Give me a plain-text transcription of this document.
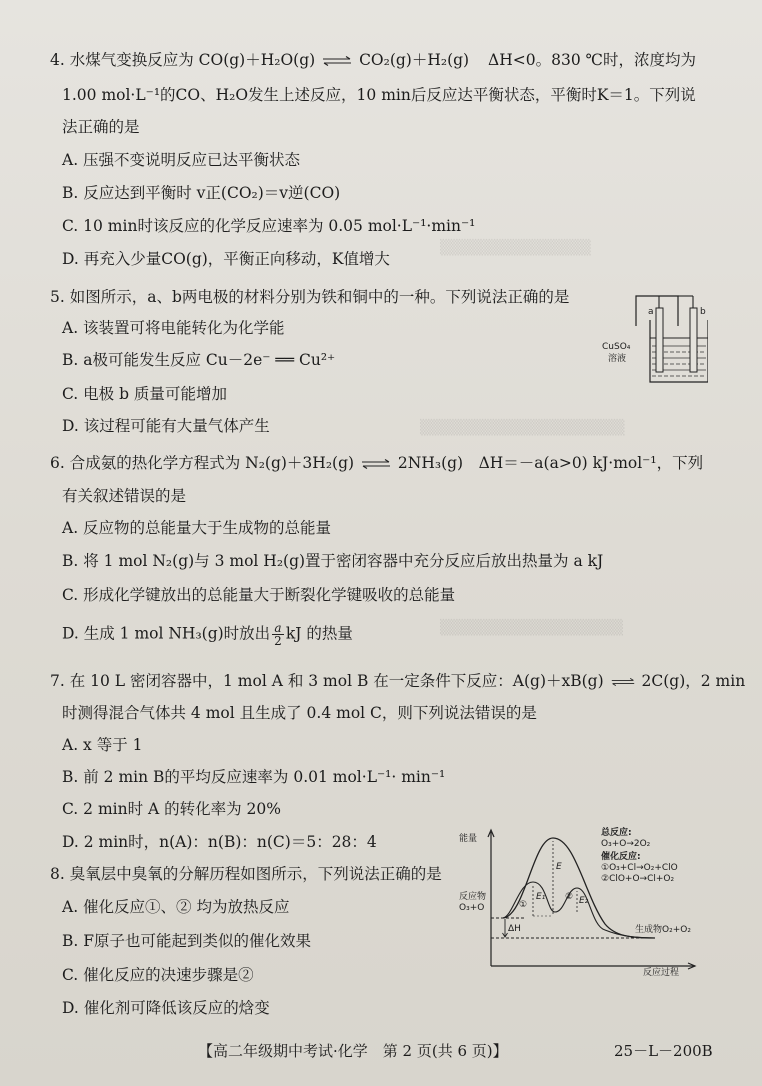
▒▒▒▒▒▒▒▒▒▒▒▒▒▒
▒▒▒▒▒▒▒▒▒▒▒▒▒▒▒▒▒▒▒
▒▒▒▒▒▒▒▒▒▒▒▒▒▒▒▒▒
4. 水煤气变换反应为 CO(g)＋H₂O(g) ⇌ CO₂(g)＋H₂(g) ΔH<0。830 ℃时，浓度均为
1.00 mol·L⁻¹的CO、H₂O发生上述反应，10 min后反应达平衡状态，平衡时K＝1。下列说
法正确的是
A. 压强不变说明反应已达平衡状态
B. 反应达到平衡时 v正(CO₂)＝v逆(CO)
C. 10 min时该反应的化学反应速率为 0.05 mol·L⁻¹·min⁻¹
D. 再充入少量CO(g)，平衡正向移动，K值增大
5. 如图所示，a、b两电极的材料分别为铁和铜中的一种。下列说法正确的是
A. 该装置可将电能转化为化学能
B. a极可能发生反应 Cu－2e⁻ ══ Cu²⁺
C. 电极 b 质量可能增加
D. 该过程可能有大量气体产生
a	b
CuSO₄
溶液
6. 合成氨的热化学方程式为 N₂(g)＋3H₂(g) ⇌ 2NH₃(g)　ΔH＝－a(a>0) kJ·mol⁻¹，下列
有关叙述错误的是
A. 反应物的总能量大于生成物的总能量
B. 将 1 mol N₂(g)与 3 mol H₂(g)置于密闭容器中充分反应后放出热量为 a kJ
C. 形成化学键放出的总能量大于断裂化学键吸收的总能量
D. 生成 1 mol NH₃(g)时放出 $\frac{a}{2}$ kJ 的热量
7. 在 10 L 密闭容器中，1 mol A 和 3 mol B 在一定条件下反应：A(g)＋xB(g) ⇌ 2C(g)，2 min
时测得混合气体共 4 mol 且生成了 0.4 mol C，则下列说法错误的是
A. x 等于 1
B. 前 2 min B的平均反应速率为 0.01 mol·L⁻¹· min⁻¹
C. 2 min时 A 的转化率为 20%
D. 2 min时，n(A)：n(B)：n(C)＝5：28：4
8. 臭氧层中臭氧的分解历程如图所示，下列说法正确的是
A. 催化反应①、② 均为放热反应
B. F原子也可能起到类似的催化效果
C. 催化反应的决速步骤是②
D. 催化剂可降低该反应的焓变
能量
反应过程
总反应:
O₃+O→2O₂
催化反应:
①O₃+Cl→O₂+ClO
②ClO+O→Cl+O₂
反应物
O₃+O
生成物O₂+O₂
E
E₁	E₂
①
②
ΔH
【高二年级期中考试·化学　第 2 页(共 6 页)】	25－L－200B
